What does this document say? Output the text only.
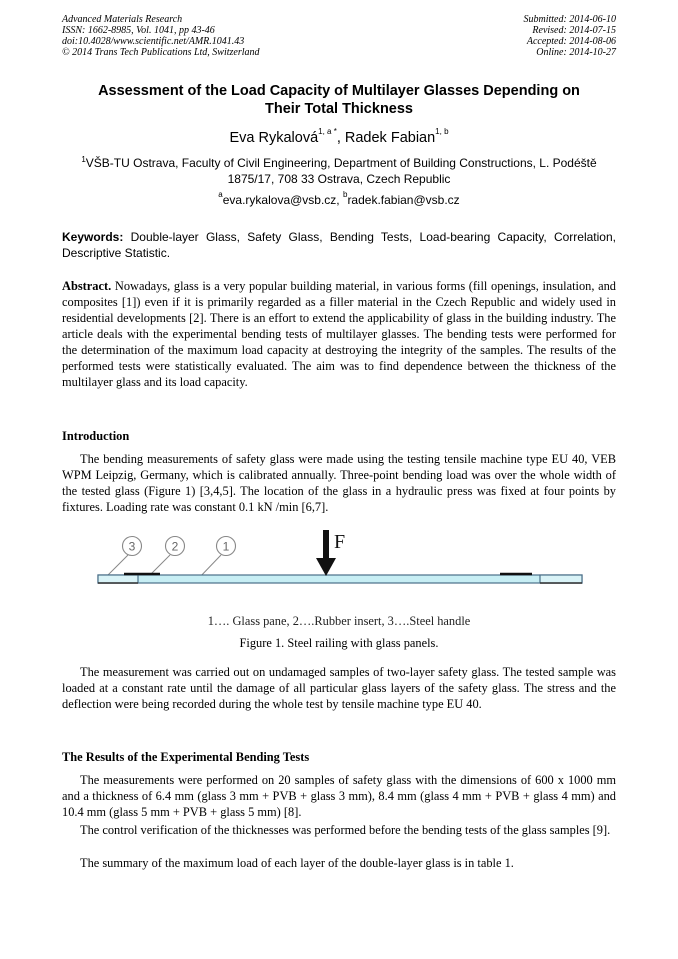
Advanced Materials Research
ISSN: 1662-8985, Vol. 1041, pp 43-46
doi:10.4028/www.scientific.net/AMR.1041.43
© 2014 Trans Tech Publications Ltd, Switzerland
Submitted: 2014-06-10
Revised: 2014-07-15
Accepted: 2014-08-06
Online: 2014-10-27
Assessment of the Load Capacity of Multilayer Glasses Depending on
Their Total Thickness
Eva Rykalová$^{1, a *}$, Radek Fabian$^{1, b}$
$^1$VŠB-TU Ostrava, Faculty of Civil Engineering, Department of Building Constructions, L. Podéště
1875/17, 708 33 Ostrava, Czech Republic
$^a$eva.rykalova@vsb.cz, $^b$radek.fabian@vsb.cz
Keywords: Double-layer Glass, Safety Glass, Bending Tests, Load-bearing Capacity, Correlation, Descriptive Statistic.
Abstract. Nowadays, glass is a very popular building material, in various forms (fill openings, insulation, and composites [1]) even if it is primarily regarded as a filler material in the Czech Republic and widely used in residential developments [2]. There is an effort to extend the applicability of glass in the building industry. The article deals with the experimental bending tests of multilayer glasses. The bending tests were performed for the determination of the maximum load capacity at destroying the integrity of the samples. The results of the performed tests were statistically evaluated. The aim was to find dependence between the thickness of the multilayer glass and its load capacity.
Introduction
The bending measurements of safety glass were made using the testing tensile machine type EU 40, VEB WPM Leipzig, Germany, which is calibrated annually. Three-point bending load was over the whole width of the tested glass (Figure 1) [3,4,5]. The location of the glass in a hydraulic press was fixed at four points by fixtures. Loading rate was constant 0.1 kN /min [6,7].
3	2	1	F
1…. Glass pane, 2….Rubber insert, 3….Steel handle
Figure 1. Steel railing with glass panels.
The measurement was carried out on undamaged samples of two-layer safety glass. The tested sample was loaded at a constant rate until the damage of all particular glass layers of the safety glass. The stress and the deflection were being recorded during the whole test by tensile machine type EU 40.
The Results of the Experimental Bending Tests
The measurements were performed on 20 samples of safety glass with the dimensions of 600 x 1000 mm and a thickness of 6.4 mm (glass 3 mm + PVB + glass 3 mm), 8.4 mm (glass 4 mm + PVB + glass 4 mm) and 10.4 mm (glass 5 mm + PVB + glass 5 mm) [8].
The control verification of the thicknesses was performed before the bending tests of the glass samples [9].
The summary of the maximum load of each layer of the double-layer glass is in table 1.
